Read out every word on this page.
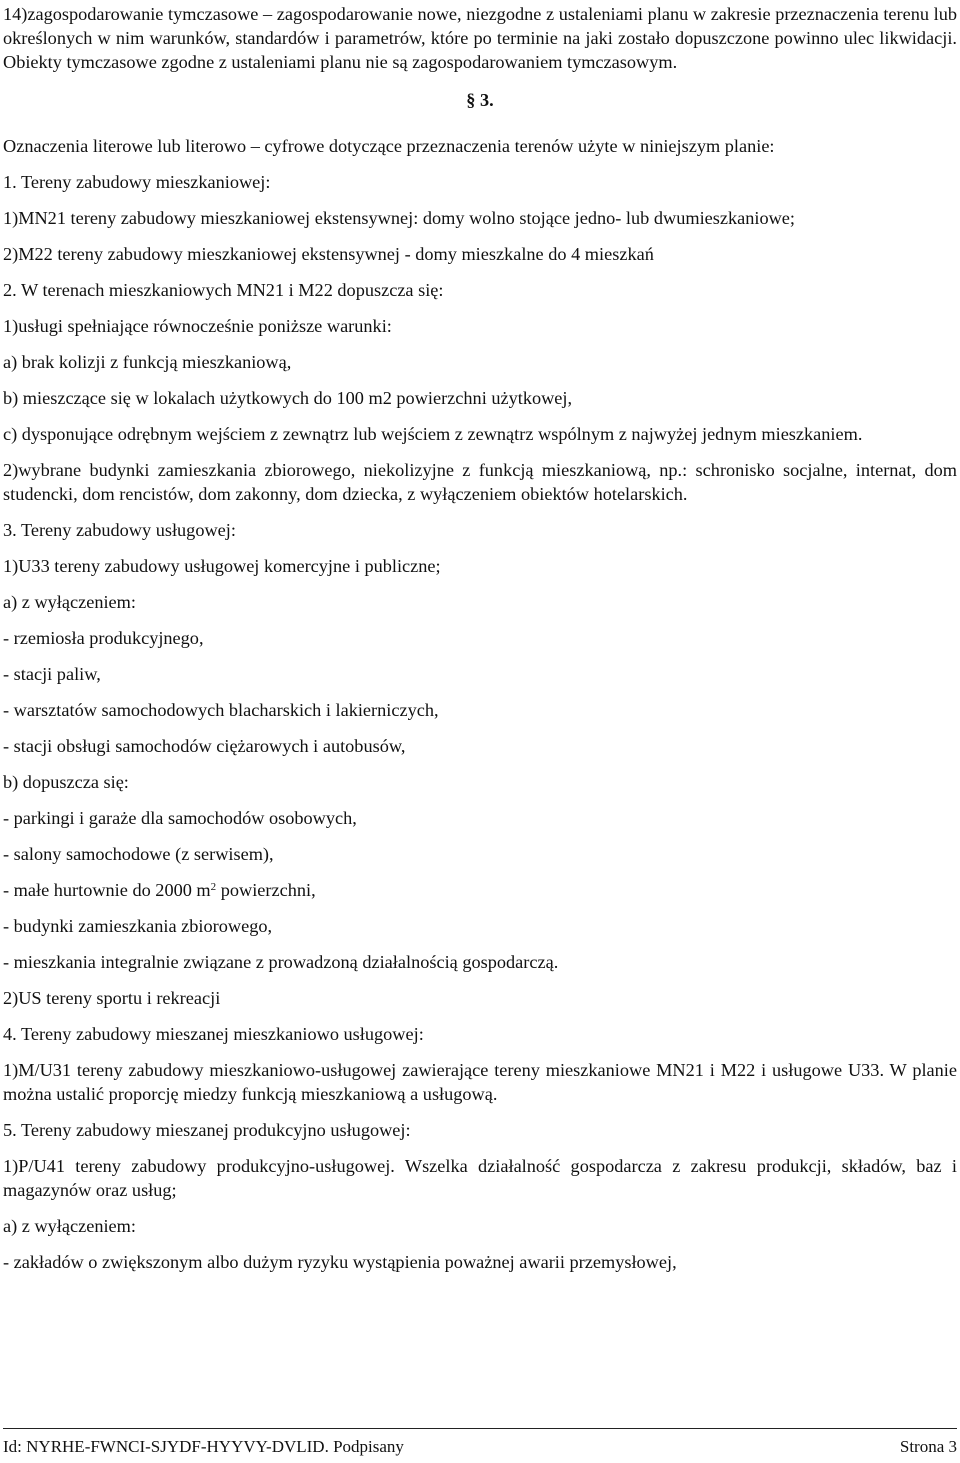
14)zagospodarowanie tymczasowe – zagospodarowanie nowe, niezgodne z ustaleniami planu w zakresie przeznaczenia terenu lub określonych w nim warunków, standardów i parametrów, które po terminie na jaki zostało dopuszczone powinno ulec likwidacji. Obiekty tymczasowe zgodne z ustaleniami planu nie są zagospodarowaniem tymczasowym.

§ 3.

Oznaczenia literowe lub literowo – cyfrowe dotyczące przeznaczenia terenów użyte w niniejszym planie:

1. Tereny zabudowy mieszkaniowej:

1)MN21 tereny zabudowy mieszkaniowej ekstensywnej: domy wolno stojące jedno- lub dwumieszkaniowe;

2)M22 tereny zabudowy mieszkaniowej ekstensywnej - domy mieszkalne do 4 mieszkań

2. W terenach mieszkaniowych MN21 i M22 dopuszcza się:

1)usługi spełniające równocześnie poniższe warunki:

a) brak kolizji z funkcją mieszkaniową,

b) mieszczące się w lokalach użytkowych do 100 m2 powierzchni użytkowej,

c) dysponujące odrębnym wejściem z zewnątrz lub wejściem z zewnątrz wspólnym z najwyżej jednym mieszkaniem.

2)wybrane budynki zamieszkania zbiorowego, niekolizyjne z funkcją mieszkaniową, np.: schronisko socjalne, internat, dom studencki, dom rencistów, dom zakonny, dom dziecka, z wyłączeniem obiektów hotelarskich.

3. Tereny zabudowy usługowej:

1)U33 tereny zabudowy usługowej komercyjne i publiczne;

a) z wyłączeniem:

- rzemiosła produkcyjnego,

- stacji paliw,

- warsztatów samochodowych blacharskich i lakierniczych,

- stacji obsługi samochodów ciężarowych i autobusów,

b) dopuszcza się:

- parkingi i garaże dla samochodów osobowych,

- salony samochodowe (z serwisem),

- małe hurtownie do 2000 $m^2$ powierzchni,

- budynki zamieszkania zbiorowego,

- mieszkania integralnie związane z prowadzoną działalnością gospodarczą.

2)US tereny sportu i rekreacji

4. Tereny zabudowy mieszanej mieszkaniowo usługowej:

1)M/U31 tereny zabudowy mieszkaniowo-usługowej zawierające tereny mieszkaniowe MN21 i M22 i usługowe U33. W planie można ustalić proporcję miedzy funkcją mieszkaniową a usługową.

5. Tereny zabudowy mieszanej produkcyjno usługowej:

1)P/U41 tereny zabudowy produkcyjno-usługowej. Wszelka działalność gospodarcza z zakresu produkcji, składów, baz i magazynów oraz usług;

a) z wyłączeniem:

- zakładów o zwiększonym albo dużym ryzyku wystąpienia poważnej awarii przemysłowej,

Id: NYRHE-FWNCI-SJYDF-HYYVY-DVLID. Podpisany	Strona 3
